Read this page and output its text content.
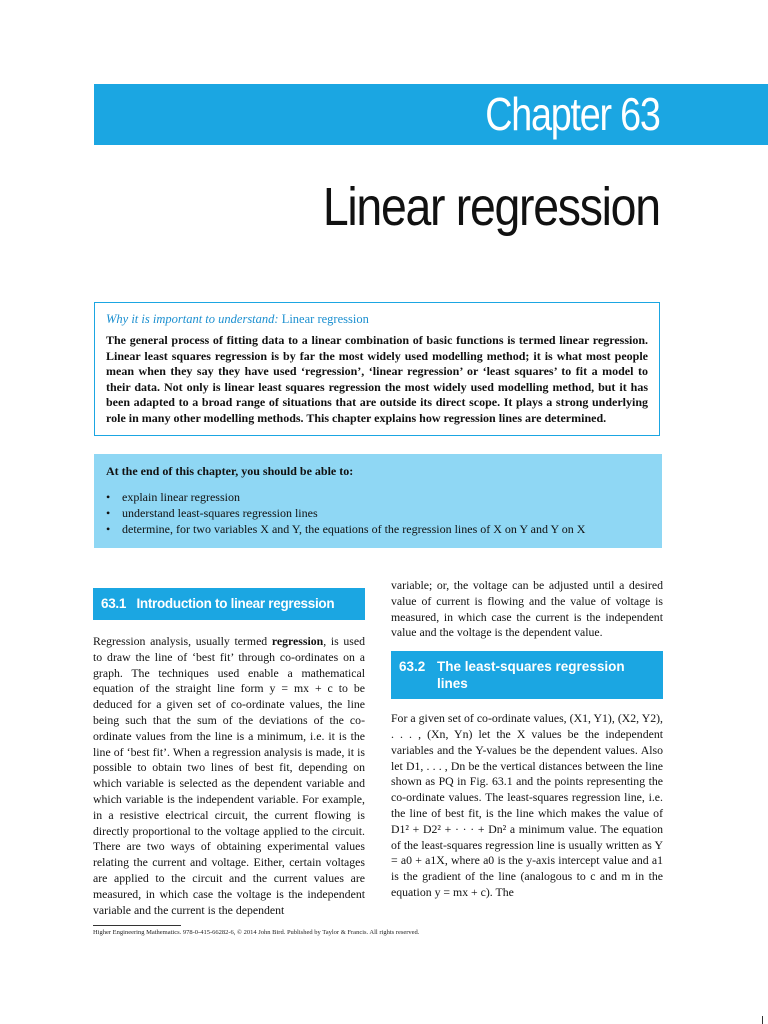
Chapter 63
Linear regression
Why it is important to understand: Linear regression
The general process of fitting data to a linear combination of basic functions is termed linear regression. Linear least squares regression is by far the most widely used modelling method; it is what most people mean when they say they have used ‘regression’, ‘linear regression’ or ‘least squares’ to fit a model to their data. Not only is linear least squares regression the most widely used modelling method, but it has been adapted to a broad range of situations that are outside its direct scope. It plays a strong underlying role in many other modelling methods. This chapter explains how regression lines are determined.
At the end of this chapter, you should be able to:
• explain linear regression
• understand least-squares regression lines
• determine, for two variables X and Y, the equations of the regression lines of X on Y and Y on X
63.1 Introduction to linear regression

Regression analysis, usually termed regression, is used to draw the line of ‘best fit’ through co-ordinates on a graph. The techniques used enable a mathematical equation of the straight line form y = mx + c to be deduced for a given set of co-ordinate values, the line being such that the sum of the deviations of the co-ordinate values from the line is a minimum, i.e. it is the line of ‘best fit’. When a regression analysis is made, it is possible to obtain two lines of best fit, depending on which variable is selected as the dependent variable and which variable is the independent variable. For example, in a resistive electrical circuit, the current flowing is directly proportional to the voltage applied to the circuit. There are two ways of obtaining experimental values relating the current and voltage. Either, certain voltages are applied to the circuit and the current values are measured, in which case the voltage is the independent variable and the current is the dependent

variable; or, the voltage can be adjusted until a desired value of current is flowing and the value of voltage is measured, in which case the current is the independent value and the voltage is the dependent value.

63.2 The least-squares regression lines

For a given set of co-ordinate values, (X1, Y1), (X2, Y2), . . . , (Xn, Yn) let the X values be the independent variables and the Y-values be the dependent values. Also let D1, . . . , Dn be the vertical distances between the line shown as PQ in Fig. 63.1 and the points representing the co-ordinate values. The least-squares regression line, i.e. the line of best fit, is the line which makes the value of D1² + D2² + · · · + Dn² a minimum value. The equation of the least-squares regression line is usually written as Y = a0 + a1X, where a0 is the y-axis intercept value and a1 is the gradient of the line (analogous to c and m in the equation y = mx + c). The

Higher Engineering Mathematics. 978-0-415-66282-6, © 2014 John Bird. Published by Taylor & Francis. All rights reserved.
